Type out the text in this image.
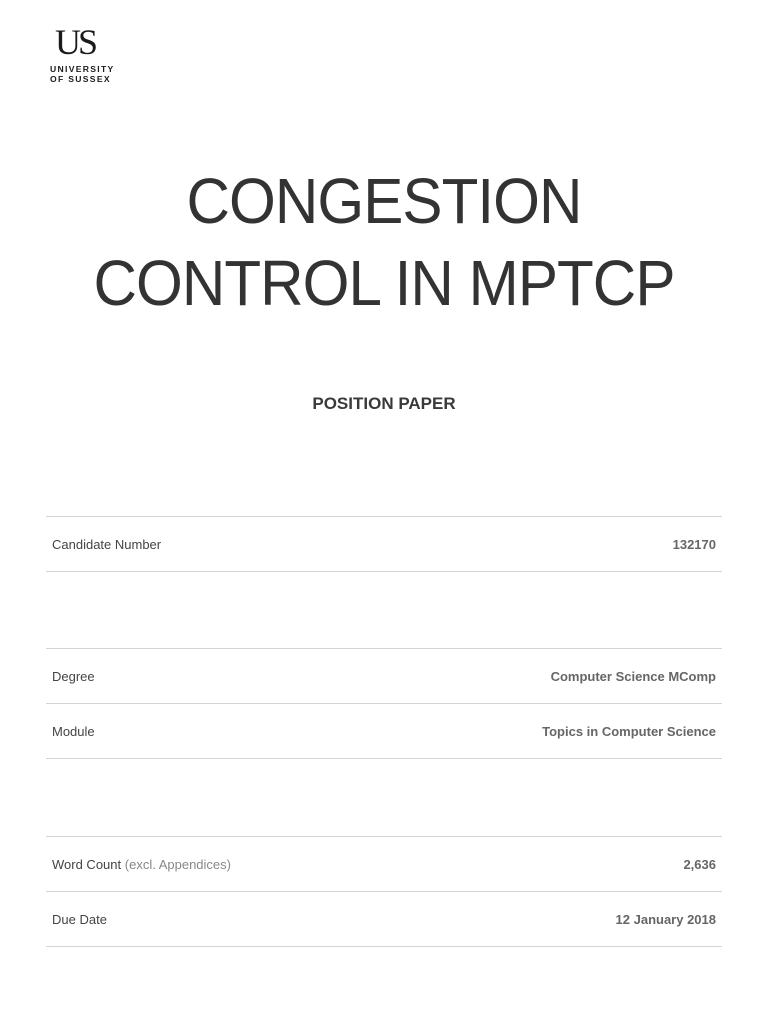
US
UNIVERSITY
OF SUSSEX
CONGESTION
CONTROL IN MPTCP
POSITION PAPER
Candidate Number	132170
Degree	Computer Science MComp
Module	Topics in Computer Science
Word Count (excl. Appendices)	2,636
Due Date	12 January 2018
